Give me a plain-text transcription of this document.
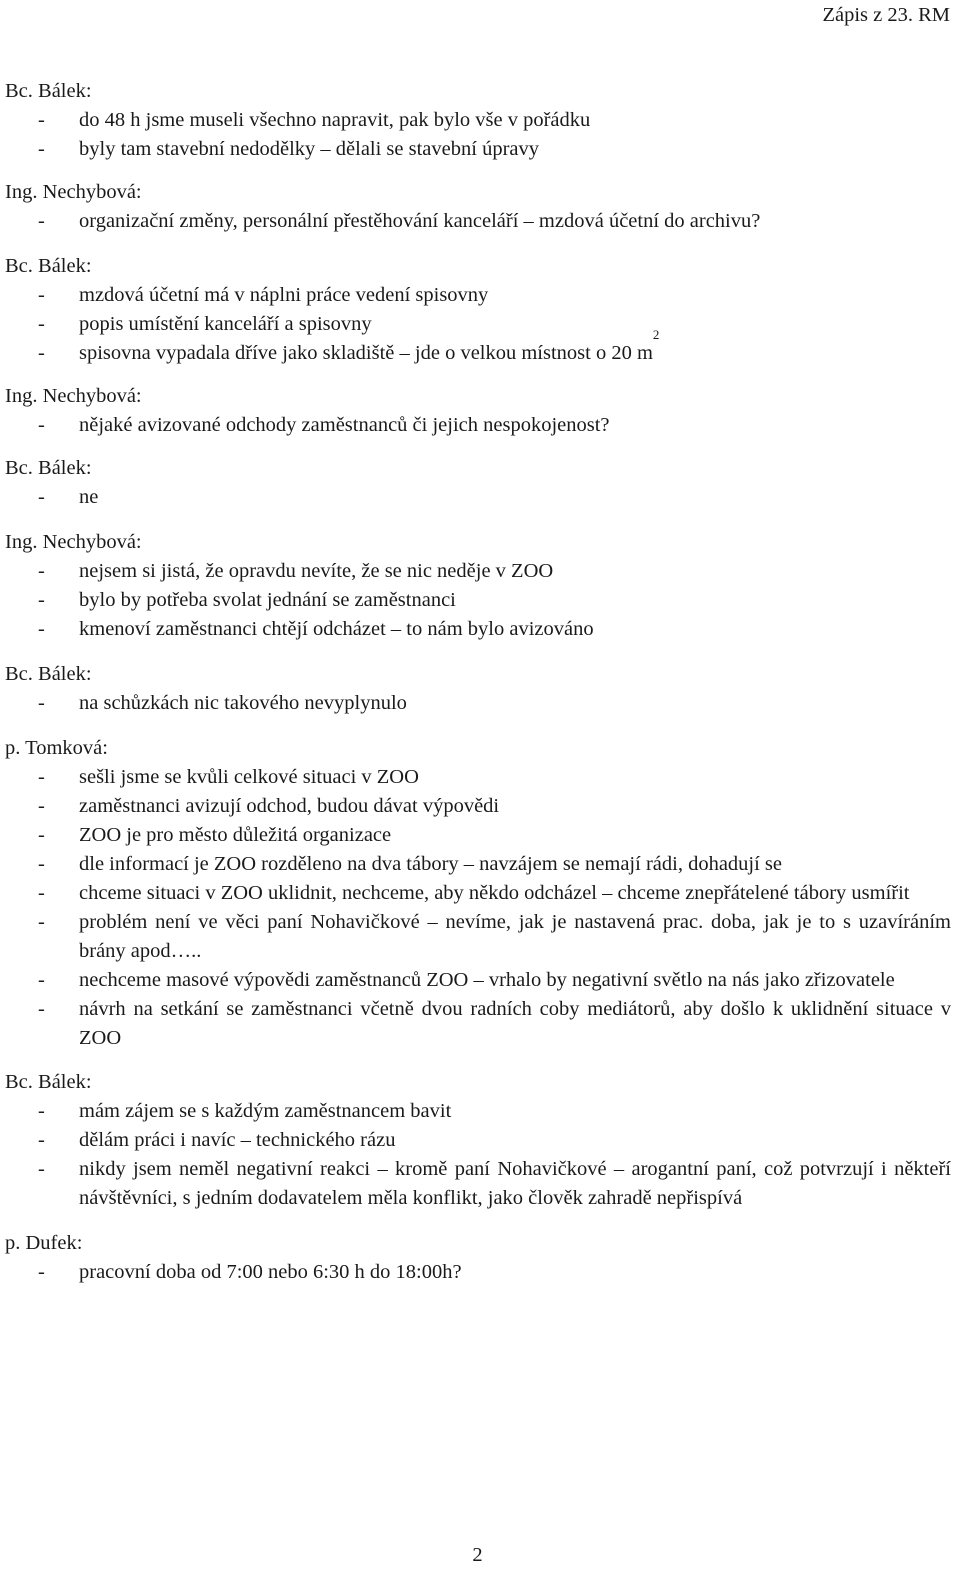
Zápis z 23. RM
Bc. Bálek:
- do 48 h jsme museli všechno napravit, pak bylo vše v pořádku
- byly tam stavební nedodělky – dělali se stavební úpravy
Ing. Nechybová:
- organizační změny, personální přestěhování kanceláří – mzdová účetní do archivu?
Bc. Bálek:
- mzdová účetní má v náplni práce vedení spisovny
- popis umístění kanceláří a spisovny
- spisovna vypadala dříve jako skladiště – jde o velkou místnost o 20 $m^2$
Ing. Nechybová:
- nějaké avizované odchody zaměstnanců či jejich nespokojenost?
Bc. Bálek:
- ne
Ing. Nechybová:
- nejsem si jistá, že opravdu nevíte, že se nic neděje v ZOO
- bylo by potřeba svolat jednání se zaměstnanci
- kmenoví zaměstnanci chtějí odcházet – to nám bylo avizováno
Bc. Bálek:
- na schůzkách nic takového nevyplynulo
p. Tomková:
- sešli jsme se kvůli celkové situaci v ZOO
- zaměstnanci avizují odchod, budou dávat výpovědi
- ZOO je pro město důležitá organizace
- dle informací je ZOO rozděleno na dva tábory – navzájem se nemají rádi, dohadují se
- chceme situaci v ZOO uklidnit, nechceme, aby někdo odcházel – chceme znepřátelené tábory usmířit
- problém není ve věci paní Nohavičkové – nevíme, jak je nastavená prac. doba, jak je to s uzavíráním brány apod…..
- nechceme masové výpovědi zaměstnanců ZOO – vrhalo by negativní světlo na nás jako zřizovatele
- návrh na setkání se zaměstnanci včetně dvou radních coby mediátorů, aby došlo k uklidnění situace v ZOO
Bc. Bálek:
- mám zájem se s každým zaměstnancem bavit
- dělám práci i navíc – technického rázu
- nikdy jsem neměl negativní reakci – kromě paní Nohavičkové – arogantní paní, což potvrzují i někteří návštěvníci, s jedním dodavatelem měla konflikt, jako člověk zahradě nepřispívá
p. Dufek:
- pracovní doba od 7:00 nebo 6:30 h do 18:00h?
2
